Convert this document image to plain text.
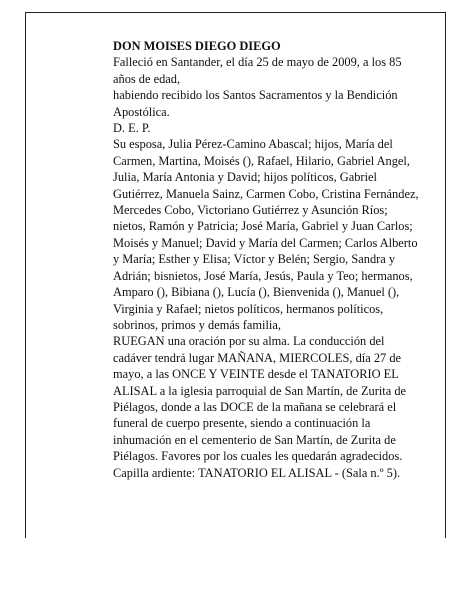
DON MOISES DIEGO DIEGO

Falleció en Santander, el día 25 de mayo de 2009, a los 85 años de edad,

habiendo recibido los Santos Sacramentos y la Bendición Apostólica.

D. E. P.

Su esposa, Julia Pérez-Camino Abascal; hijos, María del Carmen, Martina, Moisés (), Rafael, Hilario, Gabriel Angel, Julia, María Antonia y David; hijos políticos, Gabriel Gutiérrez, Manuela Sainz, Carmen Cobo, Cristina Fernández, Mercedes Cobo, Victoriano Gutiérrez y Asunción Ríos; nietos, Ramón y Patricia; José María, Gabriel y Juan Carlos; Moisés y Manuel; David y María del Carmen; Carlos Alberto y María; Esther y Elisa; Víctor y Belén; Sergio, Sandra y Adrián; bisnietos, José María, Jesús, Paula y Teo; hermanos, Amparo (), Bibiana (), Lucía (), Bienvenida (), Manuel (), Virginia y Rafael; nietos políticos, hermanos políticos, sobrinos, primos y demás familia,

RUEGAN una oración por su alma. La conducción del cadáver tendrá lugar MAÑANA, MIERCOLES, día 27 de mayo, a las ONCE Y VEINTE desde el TANATORIO EL ALISAL a la iglesia parroquial de San Martín, de Zurita de Piélagos, donde a las DOCE de la mañana se celebrará el funeral de cuerpo presente, siendo a continuación la inhumación en el cementerio de San Martín, de Zurita de Piélagos. Favores por los cuales les quedarán agradecidos.

Capilla ardiente: TANATORIO EL ALISAL - (Sala n.º 5).
